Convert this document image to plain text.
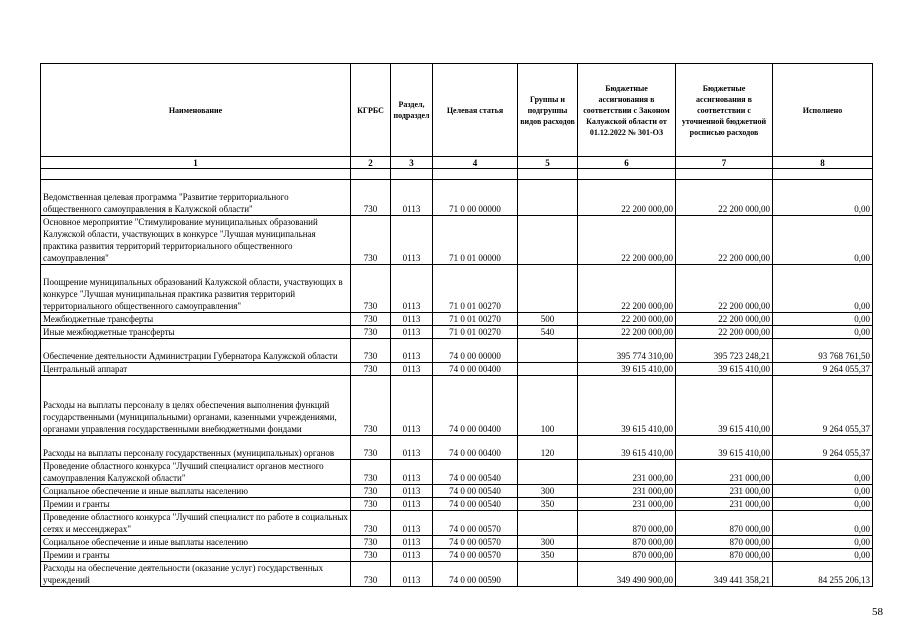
Наименование	КГРБС	Раздел, подраздел	Целевая статья	Группы и подгруппы видов расходов	Бюджетные ассигнования в соответствии с Законом Калужской области от 01.12.2022 № 301-ОЗ	Бюджетные ассигнования в соответствии с уточненной бюджетной росписью расходов	Исполнено
1	2	3	4	5	6	7	8

Ведомственная целевая программа "Развитие территориального общественного самоуправления в Калужской области"	730	0113	71 0 00 00000		22 200 000,00	22 200 000,00	0,00
Основное мероприятие "Стимулирование муниципальных образований Калужской области, участвующих в конкурсе "Лучшая муниципальная практика развития территорий территориального общественного самоуправления"	730	0113	71 0 01 00000		22 200 000,00	22 200 000,00	0,00
Поощрение муниципальных образований Калужской области, участвующих в конкурсе "Лучшая муниципальная практика развития территорий территориального общественного самоуправления"	730	0113	71 0 01 00270		22 200 000,00	22 200 000,00	0,00
Межбюджетные трансферты	730	0113	71 0 01 00270	500	22 200 000,00	22 200 000,00	0,00
Иные межбюджетные трансферты	730	0113	71 0 01 00270	540	22 200 000,00	22 200 000,00	0,00
Обеспечение деятельности Администрации Губернатора Калужской области	730	0113	74 0 00 00000		395 774 310,00	395 723 248,21	93 768 761,50
Центральный аппарат	730	0113	74 0 00 00400		39 615 410,00	39 615 410,00	9 264 055,37
Расходы на выплаты персоналу в целях обеспечения выполнения функций государственными (муниципальными) органами, казенными учреждениями, органами управления государственными внебюджетными фондами	730	0113	74 0 00 00400	100	39 615 410,00	39 615 410,00	9 264 055,37
Расходы на выплаты персоналу государственных (муниципальных) органов	730	0113	74 0 00 00400	120	39 615 410,00	39 615 410,00	9 264 055,37
Проведение областного конкурса "Лучший специалист органов местного самоуправления Калужской области"	730	0113	74 0 00 00540		231 000,00	231 000,00	0,00
Социальное обеспечение и иные выплаты населению	730	0113	74 0 00 00540	300	231 000,00	231 000,00	0,00
Премии и гранты	730	0113	74 0 00 00540	350	231 000,00	231 000,00	0,00
Проведение областного конкурса "Лучший специалист по работе в социальных сетях и мессенджерах"	730	0113	74 0 00 00570		870 000,00	870 000,00	0,00
Социальное обеспечение и иные выплаты населению	730	0113	74 0 00 00570	300	870 000,00	870 000,00	0,00
Премии и гранты	730	0113	74 0 00 00570	350	870 000,00	870 000,00	0,00
Расходы на обеспечение деятельности (оказание услуг) государственных учреждений	730	0113	74 0 00 00590		349 490 900,00	349 441 358,21	84 255 206,13
58
